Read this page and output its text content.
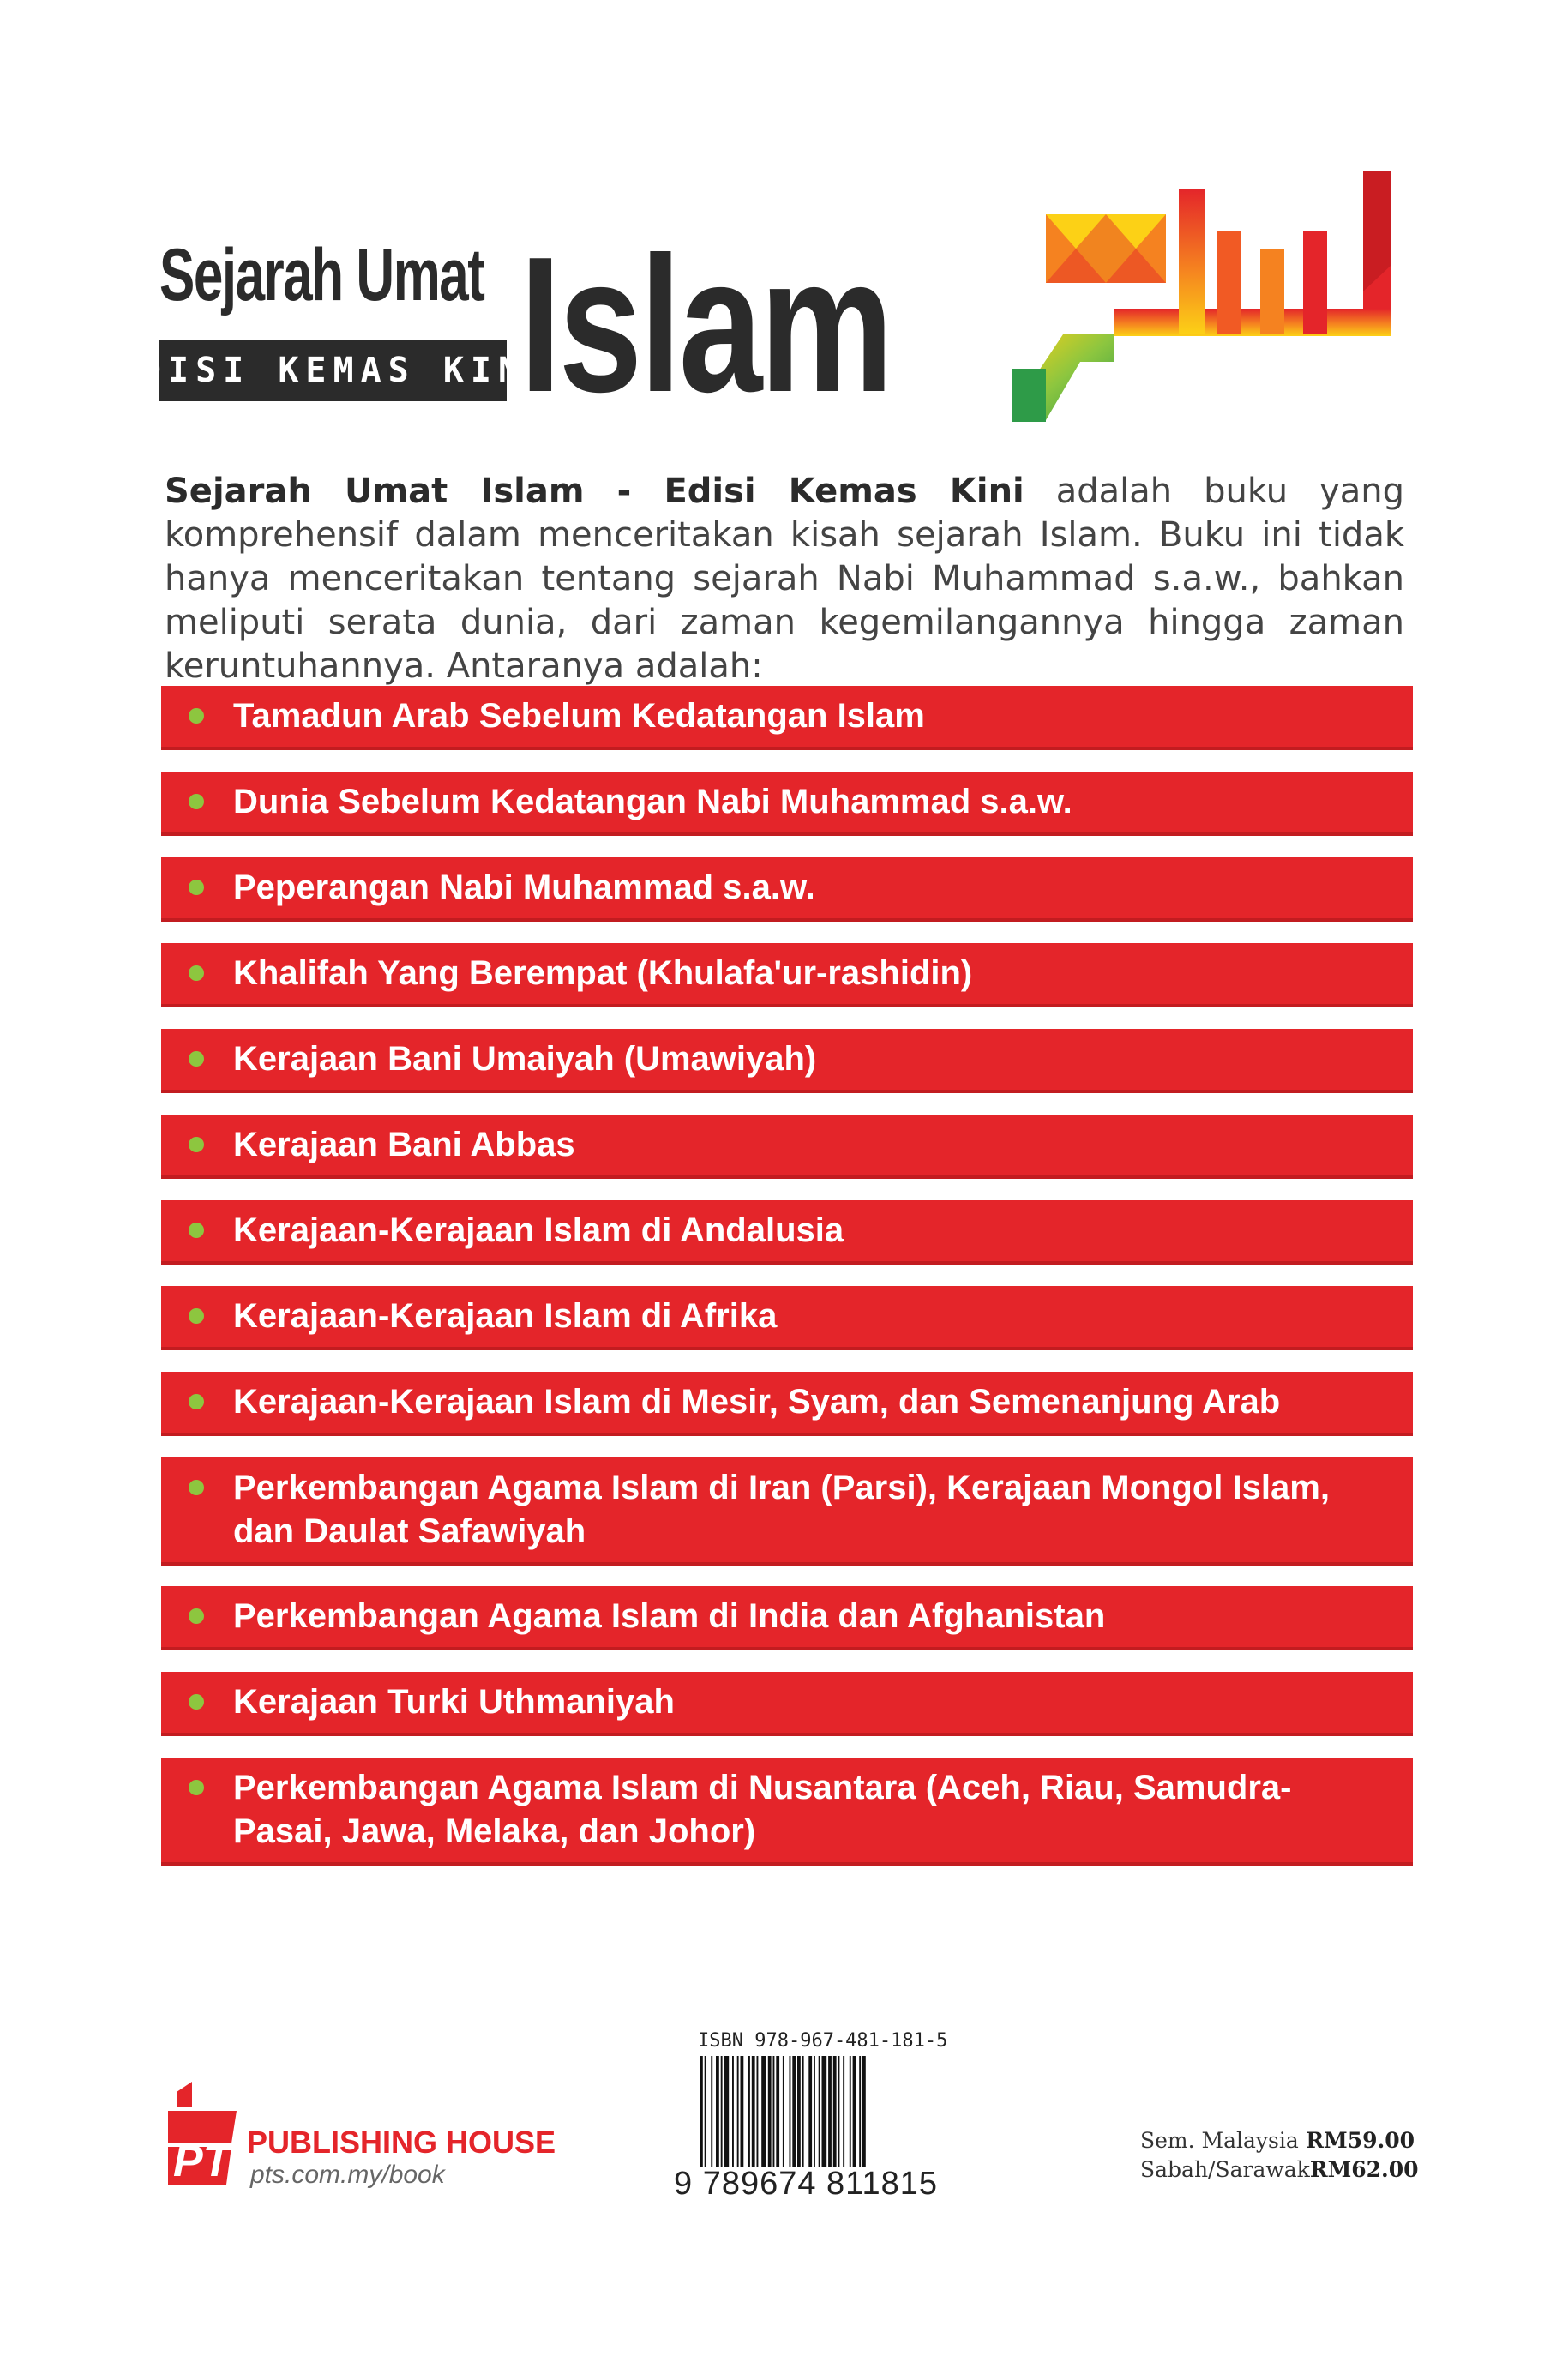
Sejarah Umat
EDISI KEMAS KINI
Islam	اسلام
Sejarah Umat Islam - Edisi Kemas Kini adalah buku yang komprehensif dalam menceritakan kisah sejarah Islam. Buku ini tidak hanya menceritakan tentang sejarah Nabi Muhammad s.a.w., bahkan meliputi serata dunia, dari zaman kegemilangannya hingga zaman keruntuhannya. Antaranya adalah:
Tamadun Arab Sebelum Kedatangan Islam
Dunia Sebelum Kedatangan Nabi Muhammad s.a.w.
Peperangan Nabi Muhammad s.a.w.
Khalifah Yang Berempat (Khulafa'ur-rashidin)
Kerajaan Bani Umaiyah (Umawiyah)
Kerajaan Bani Abbas
Kerajaan-Kerajaan Islam di Andalusia
Kerajaan-Kerajaan Islam di Afrika
Kerajaan-Kerajaan Islam di Mesir, Syam, dan Semenanjung Arab
Perkembangan Agama Islam di Iran (Parsi), Kerajaan Mongol Islam, dan Daulat Safawiyah
Perkembangan Agama Islam di India dan Afghanistan
Kerajaan Turki Uthmaniyah
Perkembangan Agama Islam di Nusantara (Aceh, Riau, Samudra-Pasai, Jawa, Melaka, dan Johor)
PTS
PUBLISHING HOUSE
pts.com.my/book
ISBN 978-967-481-181-5
9 789674 811815
Sem. Malaysia RM59.00
Sabah/Sarawak RM62.00
